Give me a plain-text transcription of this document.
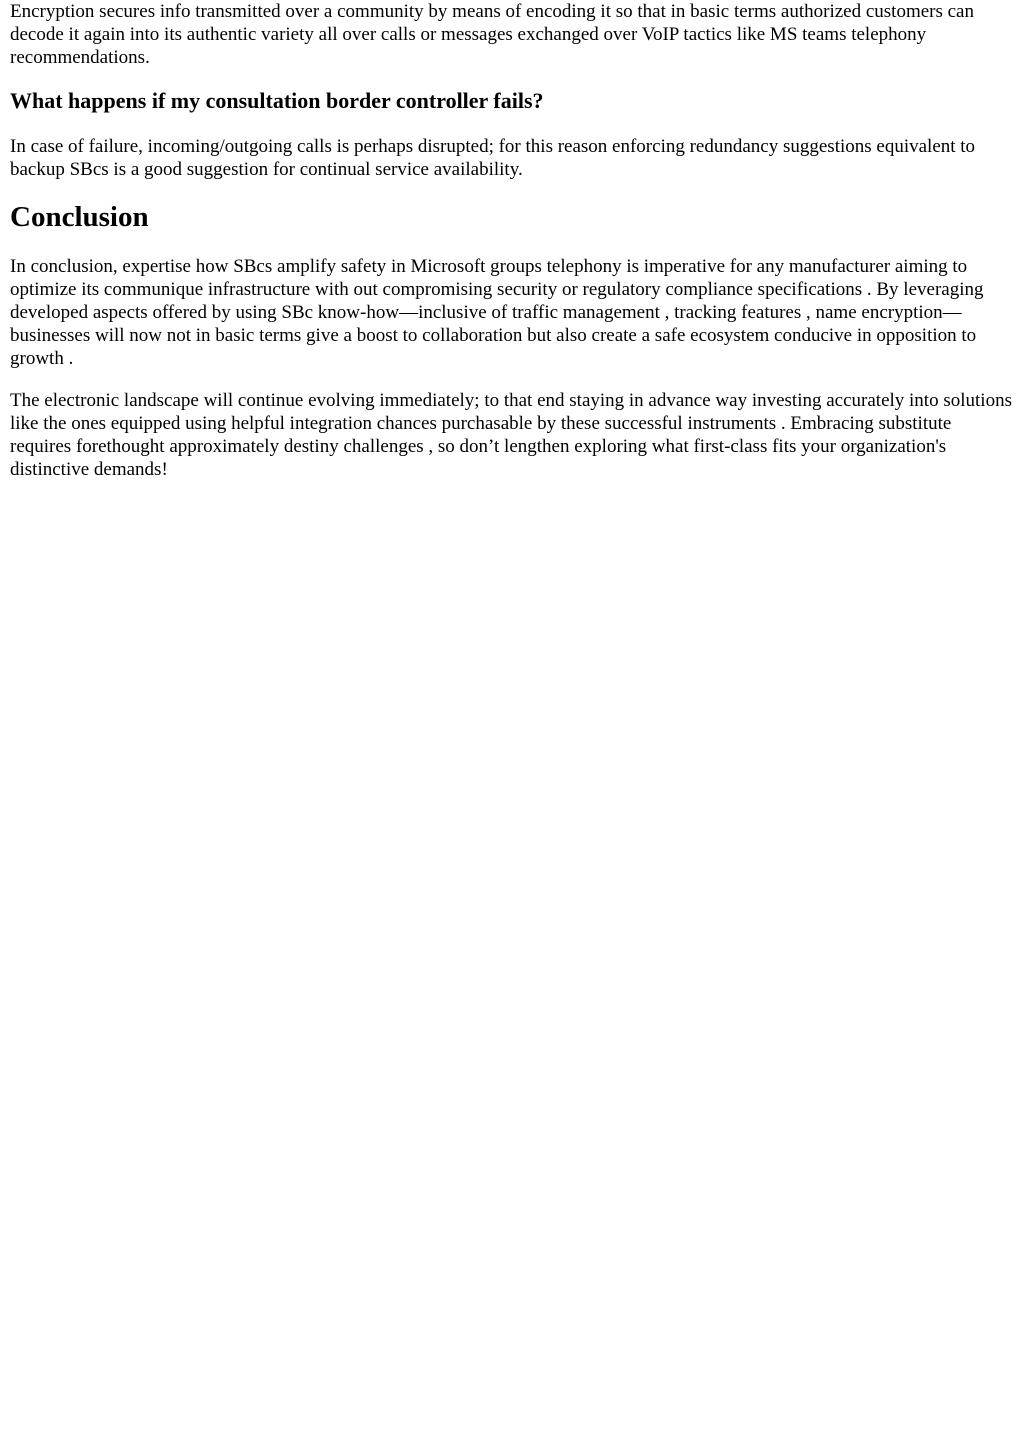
Encryption secures info transmitted over a community by means of encoding it so that in basic terms authorized customers can decode it again into its authentic variety all over calls or messages exchanged over VoIP tactics like MS teams telephony recommendations.

What happens if my consultation border controller fails?

In case of failure, incoming/outgoing calls is perhaps disrupted; for this reason enforcing redundancy suggestions equivalent to backup SBcs is a good suggestion for continual service availability.

Conclusion

In conclusion, expertise how SBcs amplify safety in Microsoft groups telephony is imperative for any manufacturer aiming to optimize its communique infrastructure with out compromising security or regulatory compliance specifications . By leveraging developed aspects offered by using SBc know-how—inclusive of traffic management , tracking features , name encryption—businesses will now not in basic terms give a boost to collaboration but also create a safe ecosystem conducive in opposition to growth .

The electronic landscape will continue evolving immediately; to that end staying in advance way investing accurately into solutions like the ones equipped using helpful integration chances purchasable by these successful instruments . Embracing substitute requires forethought approximately destiny challenges , so don’t lengthen exploring what first-class fits your organization's distinctive demands!
